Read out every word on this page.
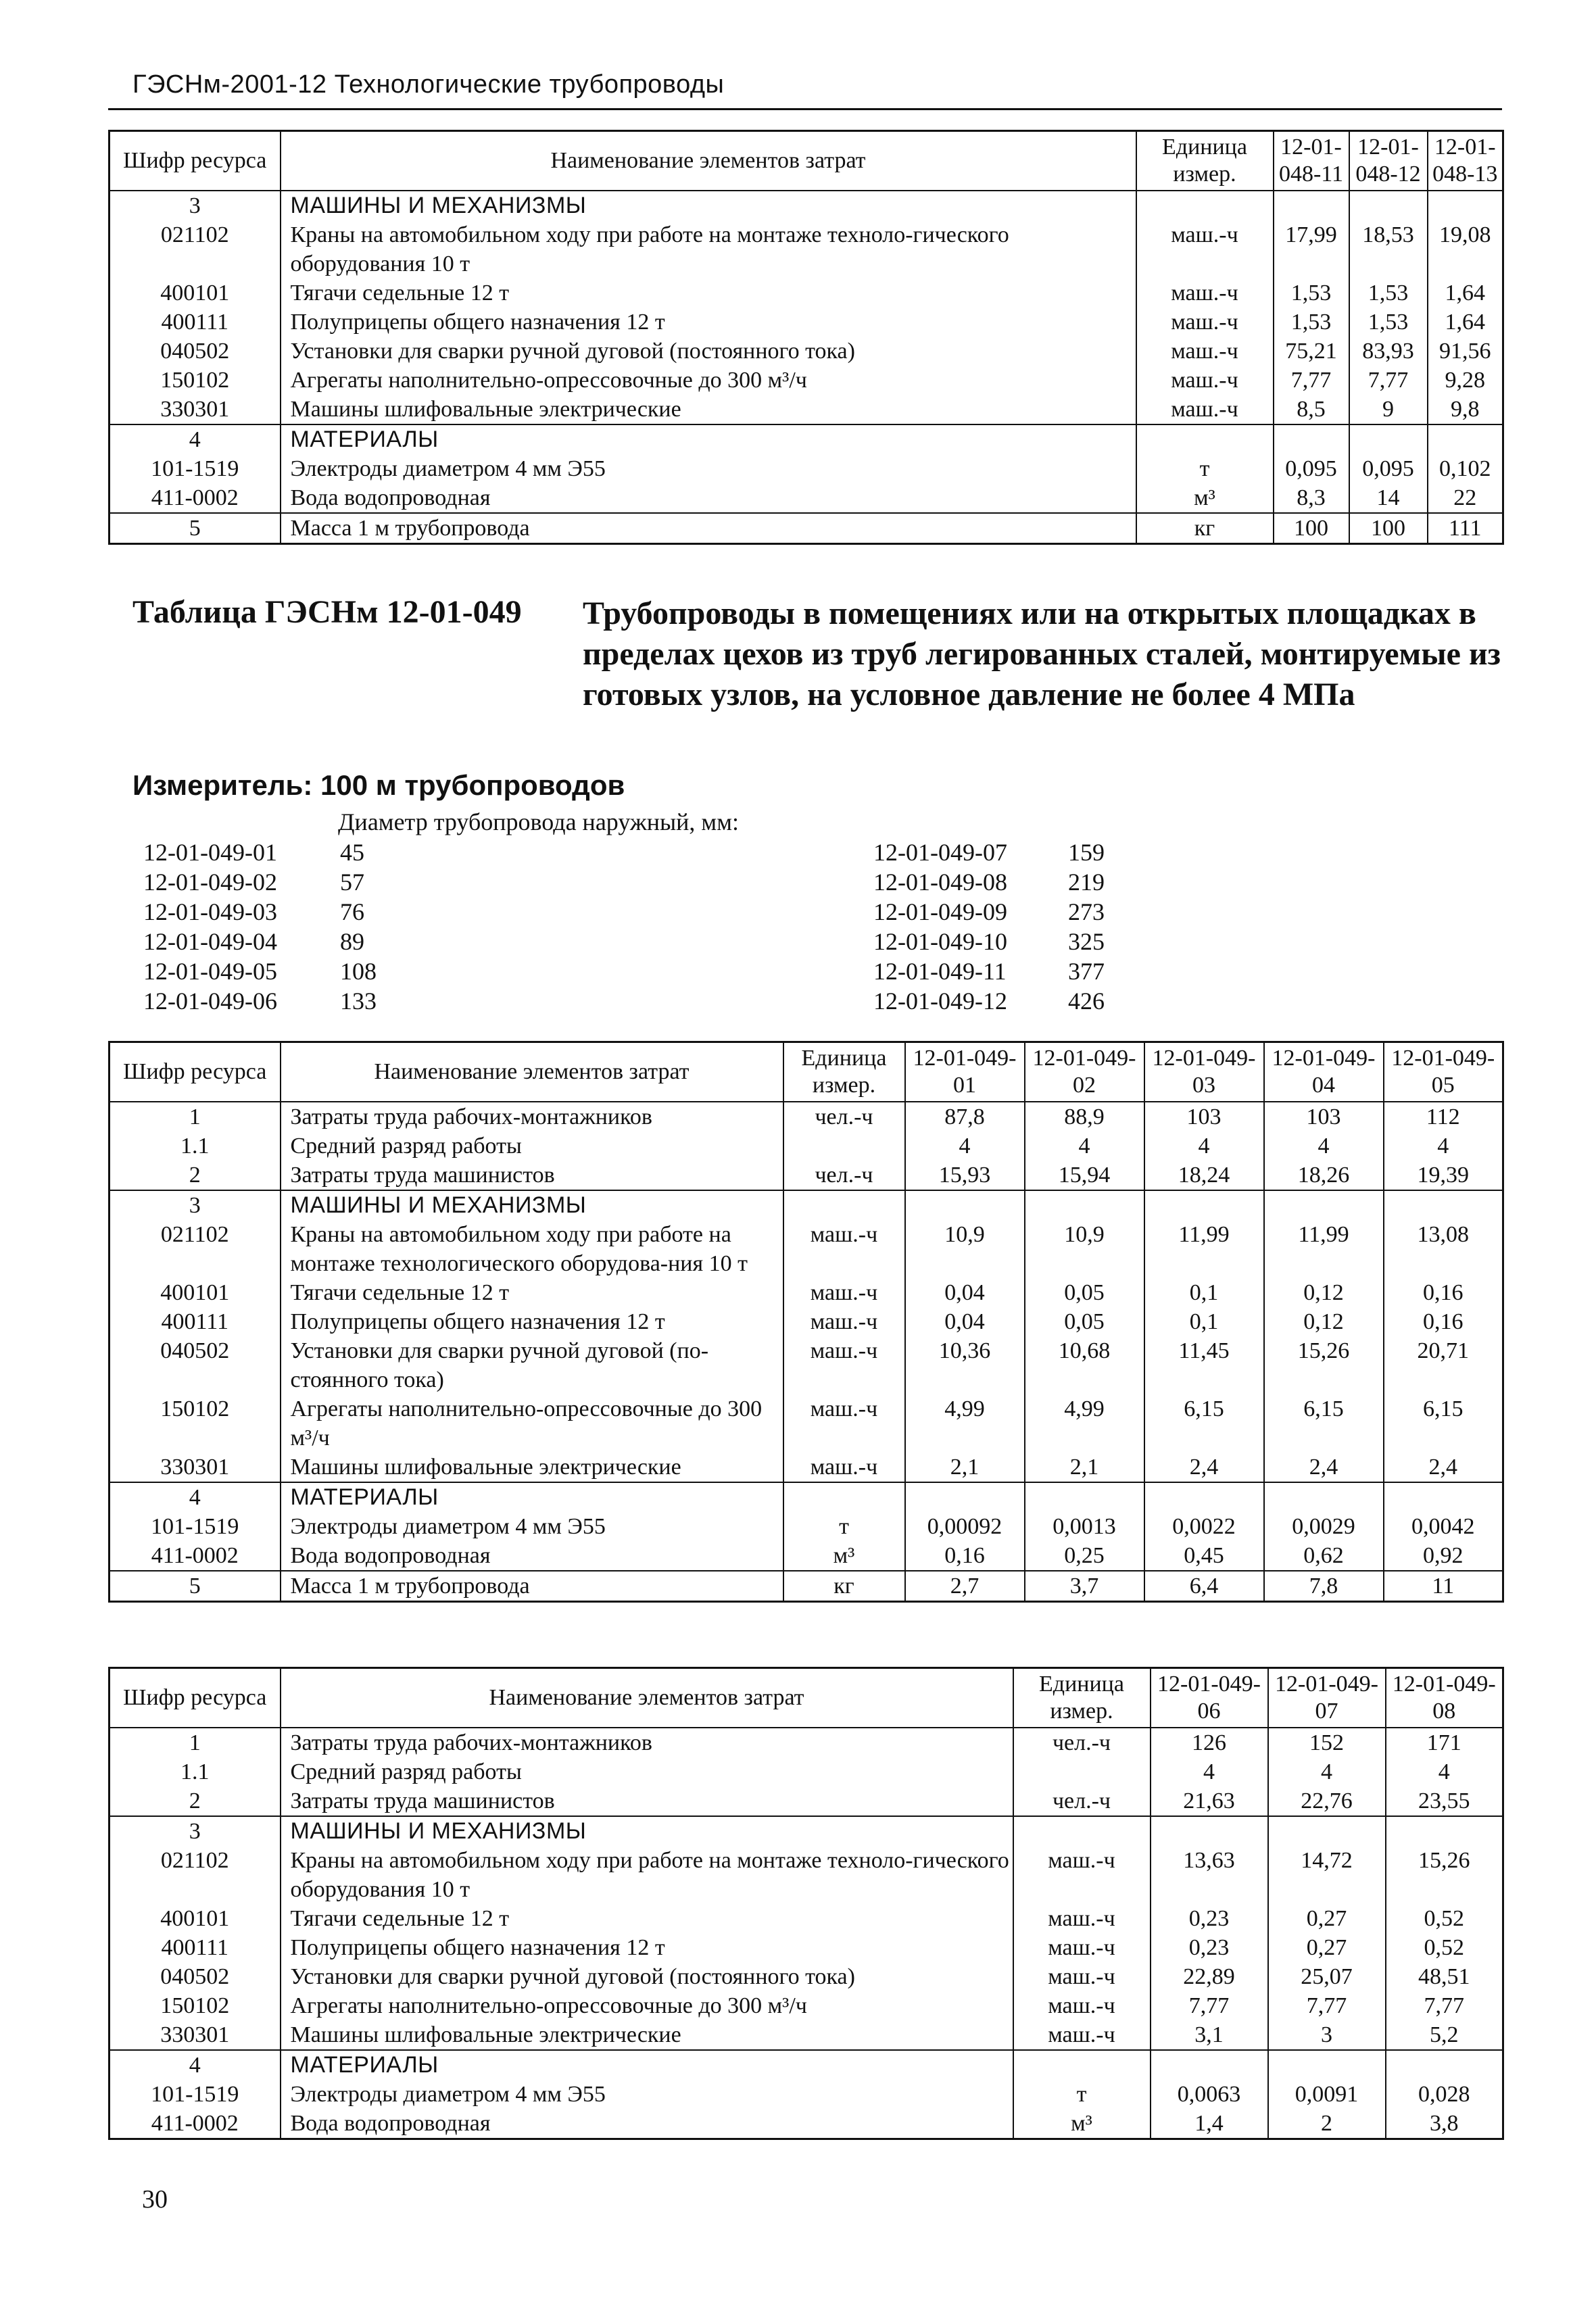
ГЭСНм-2001-12 Технологические трубопроводы
Шифр ресурса	Наименование элементов затрат	Единица измер.	12-01-048-11	12-01-048-12	12-01-048-13
3	МАШИНЫ И МЕХАНИЗМЫ				
021102	Краны на автомобильном ходу при работе на монтаже техноло-гического оборудования 10 т	маш.-ч	17,99	18,53	19,08
400101	Тягачи седельные 12 т	маш.-ч	1,53	1,53	1,64
400111	Полуприцепы общего назначения 12 т	маш.-ч	1,53	1,53	1,64
040502	Установки для сварки ручной дуговой (постоянного тока)	маш.-ч	75,21	83,93	91,56
150102	Агрегаты наполнительно-опрессовочные до 300 м³/ч	маш.-ч	7,77	7,77	9,28
330301	Машины шлифовальные электрические	маш.-ч	8,5	9	9,8
4	МАТЕРИАЛЫ				
101-1519	Электроды диаметром 4 мм Э55	т	0,095	0,095	0,102
411-0002	Вода водопроводная	м³	8,3	14	22
5	Масса 1 м трубопровода	кг	100	100	111
Таблица ГЭСНм 12-01-049 Трубопроводы в помещениях или на открытых площадках в пределах цехов из труб легированных сталей, монтируемые из готовых узлов, на условное давление не более 4 МПа
Измеритель: 100 м трубопроводов
Диаметр трубопровода наружный, мм:
12-01-049-01	45	12-01-049-07	159
12-01-049-02	57	12-01-049-08	219
12-01-049-03	76	12-01-049-09	273
12-01-049-04	89	12-01-049-10	325
12-01-049-05	108	12-01-049-11	377
12-01-049-06	133	12-01-049-12	426
Шифр ресурса	Наименование элементов затрат	Единица измер.	12-01-049-01	12-01-049-02	12-01-049-03	12-01-049-04	12-01-049-05
1	Затраты труда рабочих-монтажников	чел.-ч	87,8	88,9	103	103	112
1.1	Средний разряд работы		4	4	4	4	4
2	Затраты труда машинистов	чел.-ч	15,93	15,94	18,24	18,26	19,39
3	МАШИНЫ И МЕХАНИЗМЫ						
021102	Краны на автомобильном ходу при работе на монтаже технологического оборудова-ния 10 т	маш.-ч	10,9	10,9	11,99	11,99	13,08
400101	Тягачи седельные 12 т	маш.-ч	0,04	0,05	0,1	0,12	0,16
400111	Полуприцепы общего назначения 12 т	маш.-ч	0,04	0,05	0,1	0,12	0,16
040502	Установки для сварки ручной дуговой (по-стоянного тока)	маш.-ч	10,36	10,68	11,45	15,26	20,71
150102	Агрегаты наполнительно-опрессовочные до 300 м³/ч	маш.-ч	4,99	4,99	6,15	6,15	6,15
330301	Машины шлифовальные электрические	маш.-ч	2,1	2,1	2,4	2,4	2,4
4	МАТЕРИАЛЫ						
101-1519	Электроды диаметром 4 мм Э55	т	0,00092	0,0013	0,0022	0,0029	0,0042
411-0002	Вода водопроводная	м³	0,16	0,25	0,45	0,62	0,92
5	Масса 1 м трубопровода	кг	2,7	3,7	6,4	7,8	11
Шифр ресурса	Наименование элементов затрат	Единица измер.	12-01-049-06	12-01-049-07	12-01-049-08
1	Затраты труда рабочих-монтажников	чел.-ч	126	152	171
1.1	Средний разряд работы		4	4	4
2	Затраты труда машинистов	чел.-ч	21,63	22,76	23,55
3	МАШИНЫ И МЕХАНИЗМЫ				
021102	Краны на автомобильном ходу при работе на монтаже техноло-гического оборудования 10 т	маш.-ч	13,63	14,72	15,26
400101	Тягачи седельные 12 т	маш.-ч	0,23	0,27	0,52
400111	Полуприцепы общего назначения 12 т	маш.-ч	0,23	0,27	0,52
040502	Установки для сварки ручной дуговой (постоянного тока)	маш.-ч	22,89	25,07	48,51
150102	Агрегаты наполнительно-опрессовочные до 300 м³/ч	маш.-ч	7,77	7,77	7,77
330301	Машины шлифовальные электрические	маш.-ч	3,1	3	5,2
4	МАТЕРИАЛЫ				
101-1519	Электроды диаметром 4 мм Э55	т	0,0063	0,0091	0,028
411-0002	Вода водопроводная	м³	1,4	2	3,8
30
